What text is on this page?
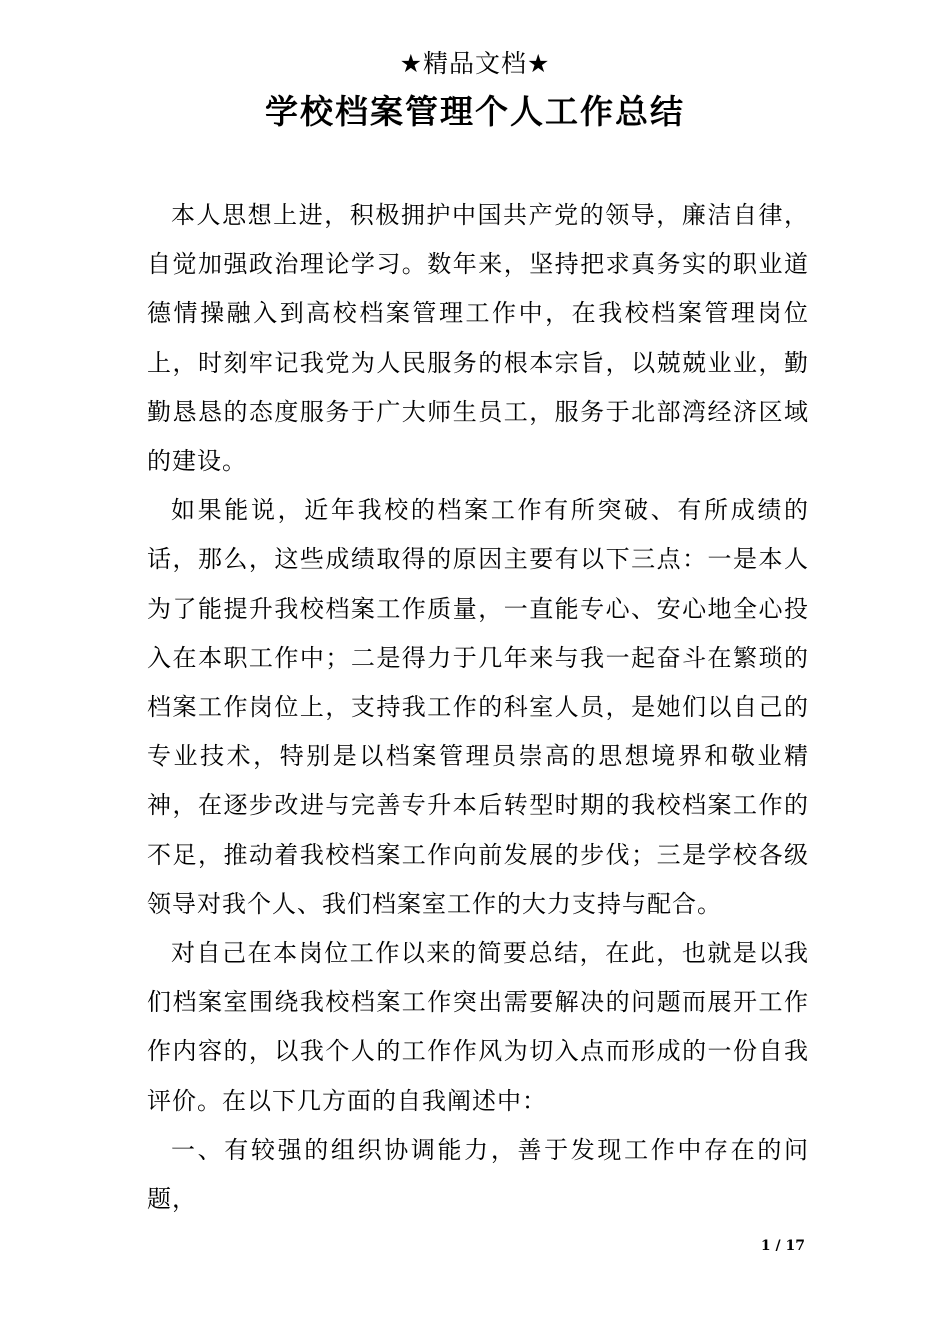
★精品文档★
学校档案管理个人工作总结

本人思想上进，积极拥护中国共产党的领导，廉洁自律，自觉加强政治理论学习。数年来，坚持把求真务实的职业道德情操融入到高校档案管理工作中，在我校档案管理岗位上，时刻牢记我党为人民服务的根本宗旨，以兢兢业业，勤勤恳恳的态度服务于广大师生员工，服务于北部湾经济区域的建设。

如果能说，近年我校的档案工作有所突破、有所成绩的话，那么，这些成绩取得的原因主要有以下三点：一是本人为了能提升我校档案工作质量，一直能专心、安心地全心投入在本职工作中；二是得力于几年来与我一起奋斗在繁琐的档案工作岗位上，支持我工作的科室人员，是她们以自己的专业技术，特别是以档案管理员崇高的思想境界和敬业精神，在逐步改进与完善专升本后转型时期的我校档案工作的不足，推动着我校档案工作向前发展的步伐；三是学校各级领导对我个人、我们档案室工作的大力支持与配合。

对自己在本岗位工作以来的简要总结，在此，也就是以我们档案室围绕我校档案工作突出需要解决的问题而展开工作作内容的，以我个人的工作作风为切入点而形成的一份自我评价。在以下几方面的自我阐述中：

一、有较强的组织协调能力，善于发现工作中存在的问题，

1 / 17
